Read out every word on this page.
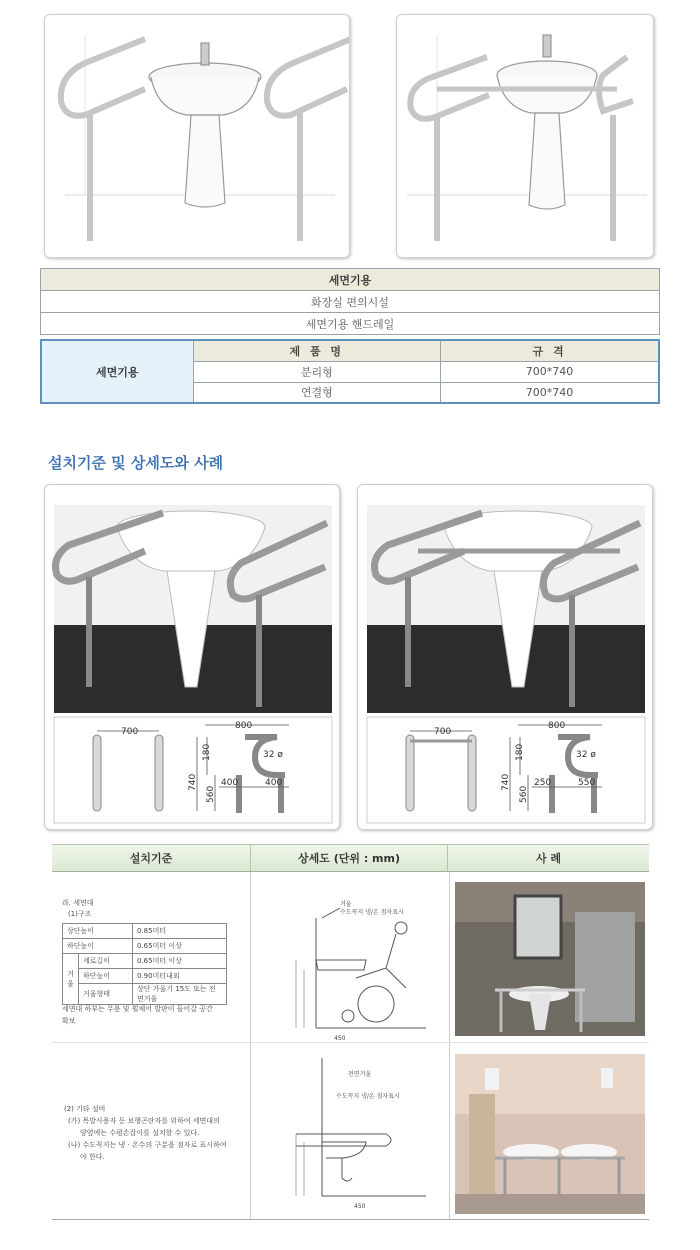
세면기용
화장실 편의시설
세면기용 핸드레일
세면기용	제 품 명	규 격
	분리형	700*740
	연결형	700*740
설치기준 및 상세도와 사례
700
800
32 ø
180
740
560
400	400
700
800
32 ø
180
740
560
250	550
설치기준	상세도 (단위 : mm)	사 례
라. 세면대
(1)구조
상단높이		0.85미터
하단높이		0.65미터 이상
거 울	세로길이	0.65미터 이상
	하단높이	0.90미터내외
	거울형태	상단 가울기 15도 또는 전면거울
세면대 하부는 무릎 및 휠체어 발판이 들어갈 공간
확보
(2) 기타 설비
(가) 목발사용자 등 보행곤란자를 위하여 세면대의
양옆에는 수평손잡이를 설치할 수 있다.
(나) 수도꼭지는 냉 · 온수의 구분을 점자로 표시하여
야 한다.
거울
수도꼭지 냉/온 점자표시
450
전면거울
수도꼭지 냉/온 점자표시
450
